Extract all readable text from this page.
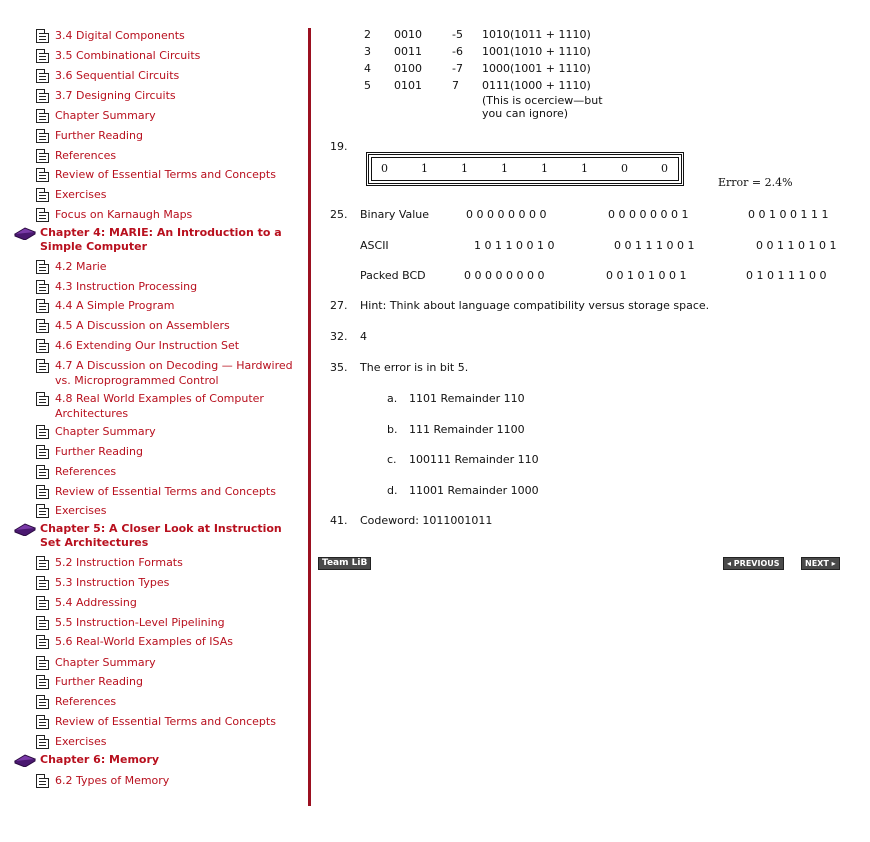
3.4 Digital Components
3.5 Combinational Circuits
3.6 Sequential Circuits
3.7 Designing Circuits
Chapter Summary
Further Reading
References
Review of Essential Terms and Concepts
Exercises
Focus on Karnaugh Maps
Chapter 4: MARIE: An Introduction to a Simple Computer
4.2 Marie
4.3 Instruction Processing
4.4 A Simple Program
4.5 A Discussion on Assemblers
4.6 Extending Our Instruction Set
4.7 A Discussion on Decoding — Hardwired vs. Microprogrammed Control
4.8 Real World Examples of Computer Architectures
Chapter Summary
Further Reading
References
Review of Essential Terms and Concepts
Exercises
Chapter 5: A Closer Look at Instruction Set Architectures
5.2 Instruction Formats
5.3 Instruction Types
5.4 Addressing
5.5 Instruction-Level Pipelining
5.6 Real-World Examples of ISAs
Chapter Summary
Further Reading
References
Review of Essential Terms and Concepts
Exercises
Chapter 6: Memory
6.2 Types of Memory
2 0010	-5 1010(1011 + 1110)
3 0011	-6 1001(1010 + 1110)
4 0100	-7 1000(1001 + 1110)
5 0101	7 0111(1000 + 1110)
(This is ocerciew—but
you can ignore)
19.
0	1	1	1	1	1	0	0
Error = 2.4%
25. Binary Value	0 0 0 0 0 0 0 0	0 0 0 0 0 0 0 1	0 0 1 0 0 1 1 1
ASCII	1 0 1 1 0 0 1 0	0 0 1 1 1 0 0 1	0 0 1 1 0 1 0 1
Packed BCD	0 0 0 0 0 0 0 0	0 0 1 0 1 0 0 1	0 1 0 1 1 1 0 0
27. Hint: Think about language compatibility versus storage space.
32. 4
35. The error is in bit 5.
a. 1101 Remainder 110
b. 111 Remainder 1100
c. 100111 Remainder 110
d. 11001 Remainder 1000
41. Codeword: 1011001011
Team LiB	◂ PREVIOUS	NEXT ▸
